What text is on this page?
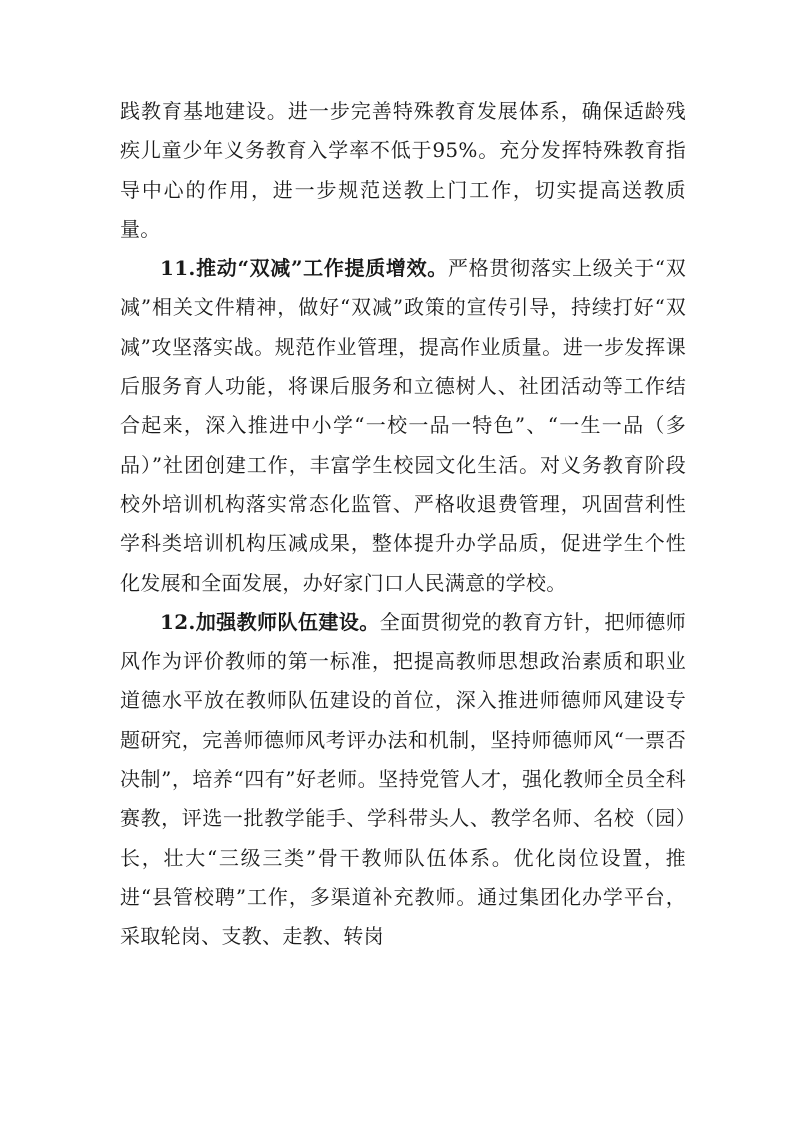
践教育基地建设。进一步完善特殊教育发展体系，确保适龄残疾儿童少年义务教育入学率不低于95%。充分发挥特殊教育指导中心的作用，进一步规范送教上门工作，切实提高送教质量。

11.推动“双减”工作提质增效。严格贯彻落实上级关于“双减”相关文件精神，做好“双减”政策的宣传引导，持续打好“双减”攻坚落实战。规范作业管理，提高作业质量。进一步发挥课后服务育人功能，将课后服务和立德树人、社团活动等工作结合起来，深入推进中小学“一校一品一特色”、“一生一品（多品）”社团创建工作，丰富学生校园文化生活。对义务教育阶段校外培训机构落实常态化监管、严格收退费管理，巩固营利性学科类培训机构压减成果，整体提升办学品质，促进学生个性化发展和全面发展，办好家门口人民满意的学校。

12.加强教师队伍建设。全面贯彻党的教育方针，把师德师风作为评价教师的第一标准，把提高教师思想政治素质和职业道德水平放在教师队伍建设的首位，深入推进师德师风建设专题研究，完善师德师风考评办法和机制，坚持师德师风“一票否决制”，培养“四有”好老师。坚持党管人才，强化教师全员全科赛教，评选一批教学能手、学科带头人、教学名师、名校（园）长，壮大“三级三类”骨干教师队伍体系。优化岗位设置，推进“县管校聘”工作，多渠道补充教师。通过集团化办学平台，采取轮岗、支教、走教、转岗
